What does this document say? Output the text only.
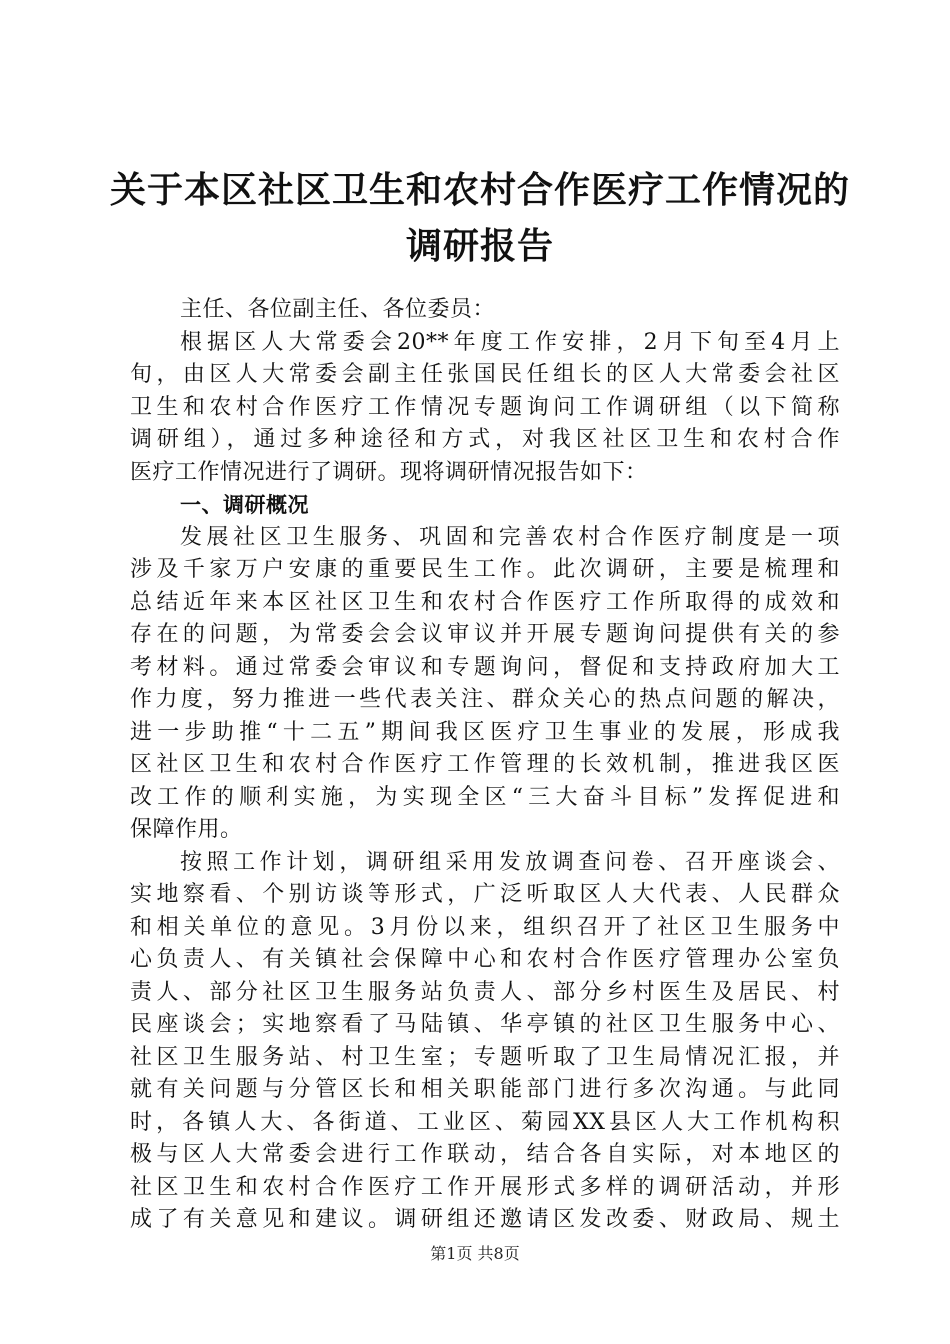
关于本区社区卫生和农村合作医疗工作情况的
调研报告
主任、各位副主任、各位委员：
根据区人大常委会20**年度工作安排，2月下旬至4月上
旬，由区人大常委会副主任张国民任组长的区人大常委会社区
卫生和农村合作医疗工作情况专题询问工作调研组（以下简称
调研组），通过多种途径和方式，对我区社区卫生和农村合作
医疗工作情况进行了调研。现将调研情况报告如下：
一、调研概况
发展社区卫生服务、巩固和完善农村合作医疗制度是一项
涉及千家万户安康的重要民生工作。此次调研，主要是梳理和
总结近年来本区社区卫生和农村合作医疗工作所取得的成效和
存在的问题，为常委会会议审议并开展专题询问提供有关的参
考材料。通过常委会审议和专题询问，督促和支持政府加大工
作力度，努力推进一些代表关注、群众关心的热点问题的解决，
进一步助推“十二五”期间我区医疗卫生事业的发展，形成我
区社区卫生和农村合作医疗工作管理的长效机制，推进我区医
改工作的顺利实施，为实现全区“三大奋斗目标”发挥促进和
保障作用。
按照工作计划，调研组采用发放调查问卷、召开座谈会、
实地察看、个别访谈等形式，广泛听取区人大代表、人民群众
和相关单位的意见。3月份以来，组织召开了社区卫生服务中
心负责人、有关镇社会保障中心和农村合作医疗管理办公室负
责人、部分社区卫生服务站负责人、部分乡村医生及居民、村
民座谈会；实地察看了马陆镇、华亭镇的社区卫生服务中心、
社区卫生服务站、村卫生室；专题听取了卫生局情况汇报，并
就有关问题与分管区长和相关职能部门进行多次沟通。与此同
时，各镇人大、各街道、工业区、菊园XX县区人大工作机构积
极与区人大常委会进行工作联动，结合各自实际，对本地区的
社区卫生和农村合作医疗工作开展形式多样的调研活动，并形
成了有关意见和建议。调研组还邀请区发改委、财政局、规土
第1页 共8页
